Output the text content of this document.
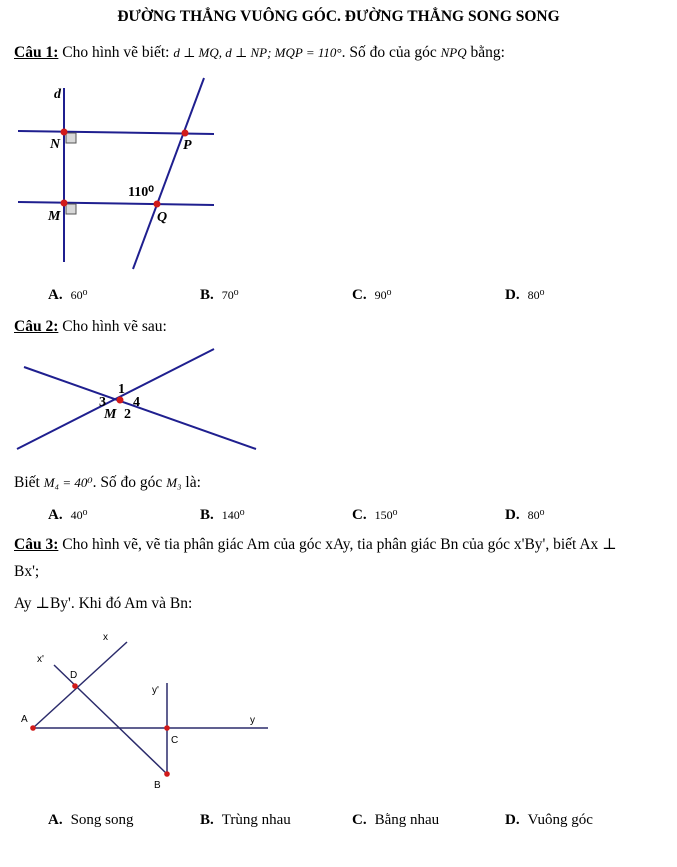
ĐƯỜNG THẲNG VUÔNG GÓC. ĐƯỜNG THẲNG SONG SONG
Câu 1: Cho hình vẽ biết: d ⊥ MQ, d ⊥ NP; MQP = 110°. Số đo của góc NPQ bằng:
d
N	P
M	Q
110⁰
A. 60⁰	B. 70⁰	C. 90⁰	D. 80⁰
Câu 2: Cho hình vẽ sau:
1
3 4
M 2
Biết M₄ = 40⁰. Số đo góc M₃ là:
A. 40⁰	B. 140⁰	C. 150⁰	D. 80⁰
Câu 3: Cho hình vẽ, vẽ tia phân giác Am của góc xAy, tia phân giác Bn của góc x'By', biết Ax ⊥
Bx';
Ay ⊥By'. Khi đó Am và Bn:
x
x'
D
y'
A	y
C
B
A. Song song	B. Trùng nhau	C. Bằng nhau	D. Vuông góc
